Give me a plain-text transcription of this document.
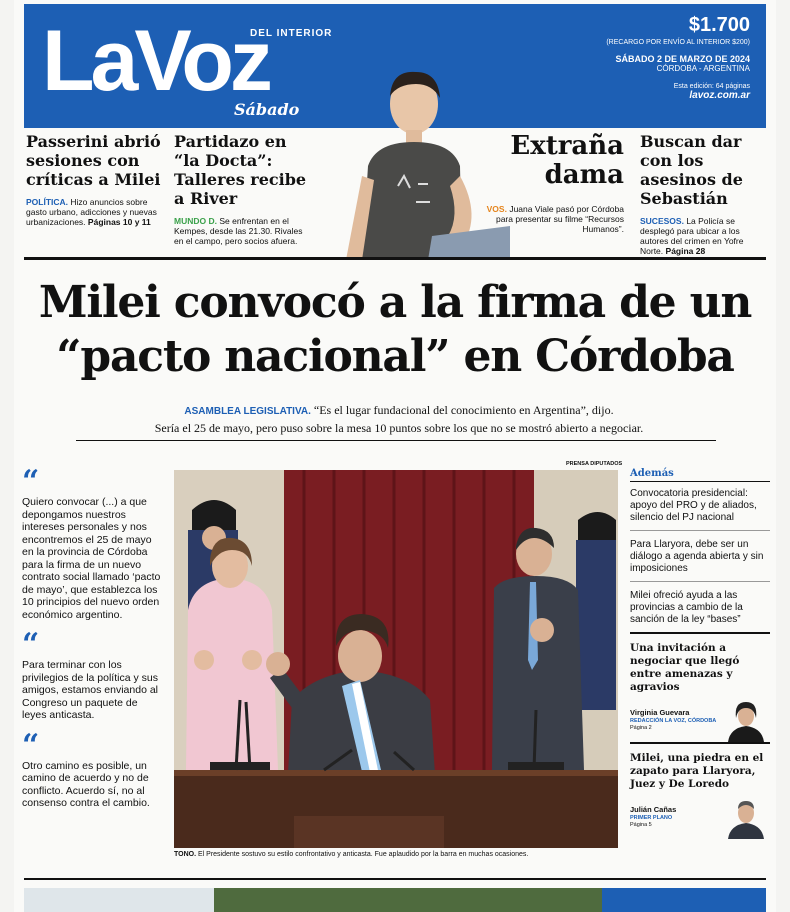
LaVoz
DEL INTERIOR
Sábado
$1.700
(RECARGO POR ENVÍO AL INTERIOR $200)
SÁBADO 2 DE MARZO DE 2024
CÓRDOBA - ARGENTINA
Esta edición: 64 páginas
lavoz.com.ar
Passerini abrió sesiones con críticas a Milei

POLÍTICA. Hizo anuncios sobre gasto urbano, adicciones y nuevas urbanizaciones. Páginas 10 y 11

Partidazo en “la Docta”: Talleres recibe a River

MUNDO D. Se enfrentan en el Kempes, desde las 21.30. Rivales en el campo, pero socios afuera.

Extraña dama

VOS. Juana Viale pasó por Córdoba para presentar su filme “Recursos Humanos”.

Buscan dar con los asesinos de Sebastián

SUCESOS. La Policía se desplegó para ubicar a los autores del crimen en Yofre Norte. Página 28

Milei convocó a la firma de un
“pacto nacional” en Córdoba
ASAMBLEA LEGISLATIVA. “Es el lugar fundacional del conocimiento en Argentina”, dijo.
Sería el 25 de mayo, pero puso sobre la mesa 10 puntos sobre los que no se mostró abierto a negociar.
“
Quiero convocar (...) a que depongamos nuestros intereses personales y nos encontremos el 25 de mayo en la provincia de Córdoba para la firma de un nuevo contrato social llamado ‘pacto de mayo’, que establezca los 10 principios del nuevo orden económico argentino.
“
Para terminar con los privilegios de la política y sus amigos, estamos enviando al Congreso un paquete de leyes anticasta.
“
Otro camino es posible, un camino de acuerdo y no de conflicto. Acuerdo sí, no al consenso contra el cambio.
PRENSA DIPUTADOS
TONO. El Presidente sostuvo su estilo confrontativo y anticasta. Fue aplaudido por la barra en muchas ocasiones.
Además
Convocatoria presidencial: apoyo del PRO y de aliados, silencio del PJ nacional
Para Llaryora, debe ser un diálogo a agenda abierta y sin imposiciones
Milei ofreció ayuda a las provincias a cambio de la sanción de la ley “bases”
Una invitación a negociar que llegó entre amenazas y agravios
Virginia Guevara
REDACCIÓN LA VOZ, CÓRDOBA
Página 2
Milei, una piedra en el zapato para Llaryora, Juez y De Loredo
Julián Cañas
PRIMER PLANO
Página 5
